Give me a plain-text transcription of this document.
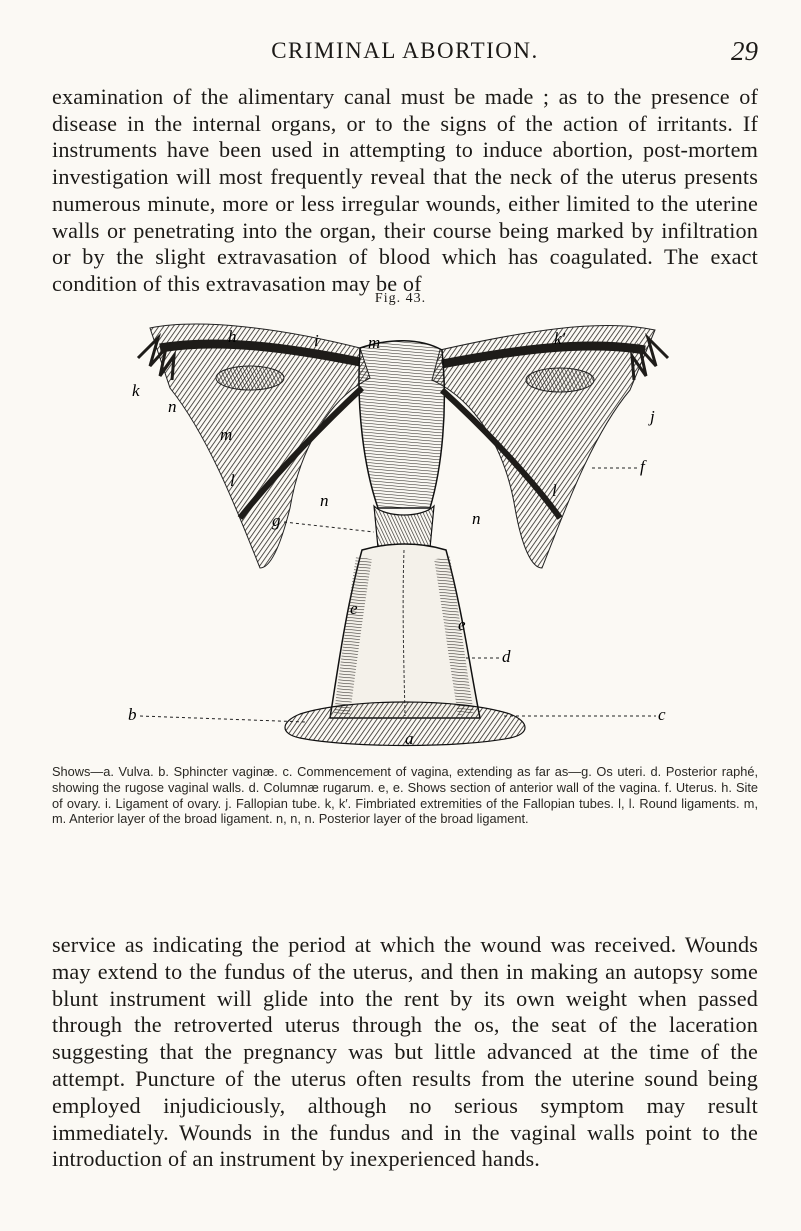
CRIMINAL ABORTION.	29

examination of the alimentary canal must be made ; as to the presence of disease in the internal organs, or to the signs of the action of irritants. If instruments have been used in attempting to induce abortion, post-mortem investigation will most frequently reveal that the neck of the uterus presents numerous minute, more or less irregular wounds, either limited to the uterine walls or penetrating into the organ, their course being marked by infiltration or by the slight extravasation of blood which has coagulated. The exact condition of this extravasation may be of

Fig. 43.
h	i	m	k′
k
n
j
m
f
l
n
l
g	n
e
e
d
b	c
a

Shows—a. Vulva. b. Sphincter vaginæ. c. Commencement of vagina, extending as far as—g. Os uteri. d. Posterior raphé, showing the rugose vaginal walls. d. Columnæ rugarum. e, e. Shows section of anterior wall of the vagina. f. Uterus. h. Site of ovary. i. Ligament of ovary. j. Fallopian tube. k, k′. Fimbriated extremities of the Fallopian tubes. l, l. Round ligaments. m, m. Anterior layer of the broad ligament. n, n, n. Posterior layer of the broad ligament.

service as indicating the period at which the wound was received. Wounds may extend to the fundus of the uterus, and then in making an autopsy some blunt instrument will glide into the rent by its own weight when passed through the retroverted uterus through the os, the seat of the laceration suggesting that the pregnancy was but little advanced at the time of the attempt. Puncture of the uterus often results from the uterine sound being employed injudiciously, although no serious symptom may result immediately. Wounds in the fundus and in the vaginal walls point to the introduction of an instrument by inexperienced hands.
